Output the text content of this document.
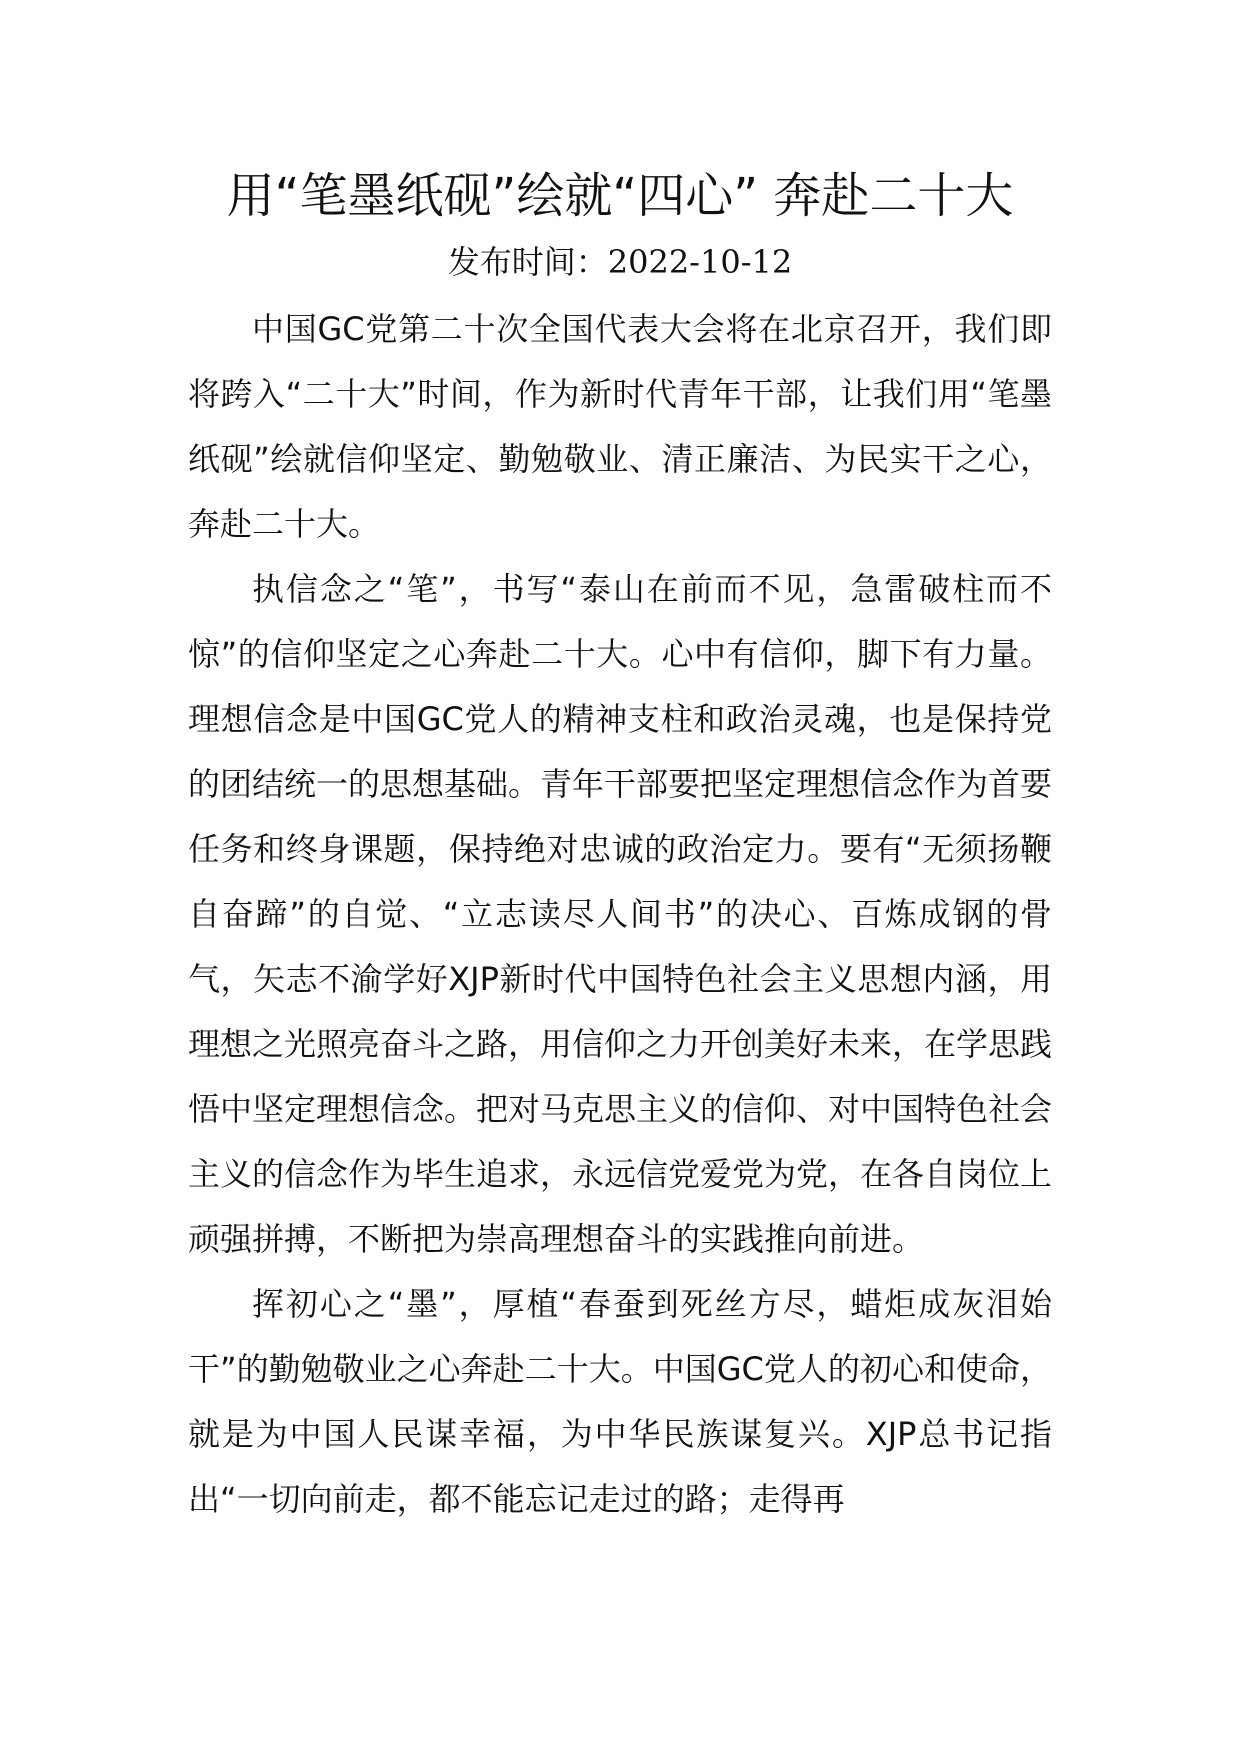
用“笔墨纸砚”绘就“四心” 奔赴二十大
发布时间：2022-10-12

中国GC党第二十次全国代表大会将在北京召开，我们即将跨入“二十大”时间，作为新时代青年干部，让我们用“笔墨纸砚”绘就信仰坚定、勤勉敬业、清正廉洁、为民实干之心，奔赴二十大。

执信念之“笔”，书写“泰山在前而不见，急雷破柱而不惊”的信仰坚定之心奔赴二十大。心中有信仰，脚下有力量。理想信念是中国GC党人的精神支柱和政治灵魂，也是保持党的团结统一的思想基础。青年干部要把坚定理想信念作为首要任务和终身课题，保持绝对忠诚的政治定力。要有“无须扬鞭自奋蹄”的自觉、“立志读尽人间书”的决心、百炼成钢的骨气，矢志不渝学好XJP新时代中国特色社会主义思想内涵，用理想之光照亮奋斗之路，用信仰之力开创美好未来，在学思践悟中坚定理想信念。把对马克思主义的信仰、对中国特色社会主义的信念作为毕生追求，永远信党爱党为党，在各自岗位上顽强拼搏，不断把为崇高理想奋斗的实践推向前进。

挥初心之“墨”，厚植“春蚕到死丝方尽，蜡炬成灰泪始干”的勤勉敬业之心奔赴二十大。中国GC党人的初心和使命，就是为中国人民谋幸福，为中华民族谋复兴。XJP总书记指出“一切向前走，都不能忘记走过的路；走得再
